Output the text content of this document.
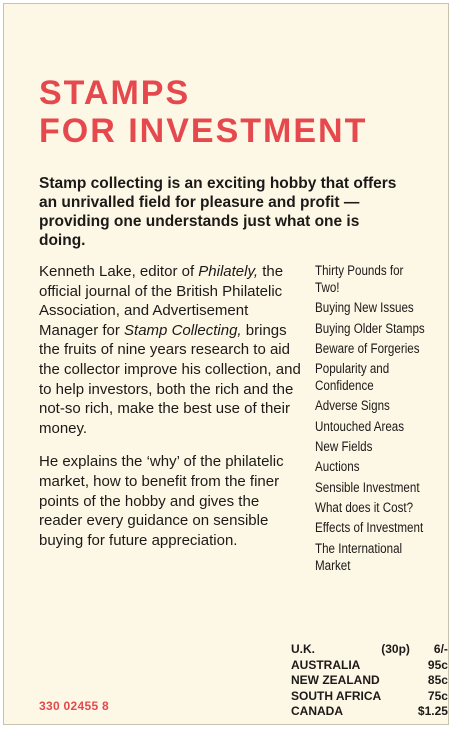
STAMPS
FOR INVESTMENT

Stamp collecting is an exciting hobby that offers an unrivalled field for pleasure and profit — providing one understands just what one is doing.

Kenneth Lake, editor of Philately, the official journal of the British Philatelic Association, and Advertisement Manager for Stamp Collecting, brings the fruits of nine years research to aid the collector improve his collection, and to help investors, both the rich and the not-so rich, make the best use of their money.

He explains the ‘why’ of the philatelic market, how to benefit from the finer points of the hobby and gives the reader every guidance on sensible buying for future appreciation.

Thirty Pounds for Two!
Buying New Issues
Buying Older Stamps
Beware of Forgeries
Popularity and Confidence
Adverse Signs
Untouched Areas
New Fields
Auctions
Sensible Investment
What does it Cost?
Effects of Investment
The International Market
U.K.	(30p)	6/-
AUSTRALIA		95c
NEW ZEALAND		85c
SOUTH AFRICA		75c
CANADA		$1.25
330 02455 8
